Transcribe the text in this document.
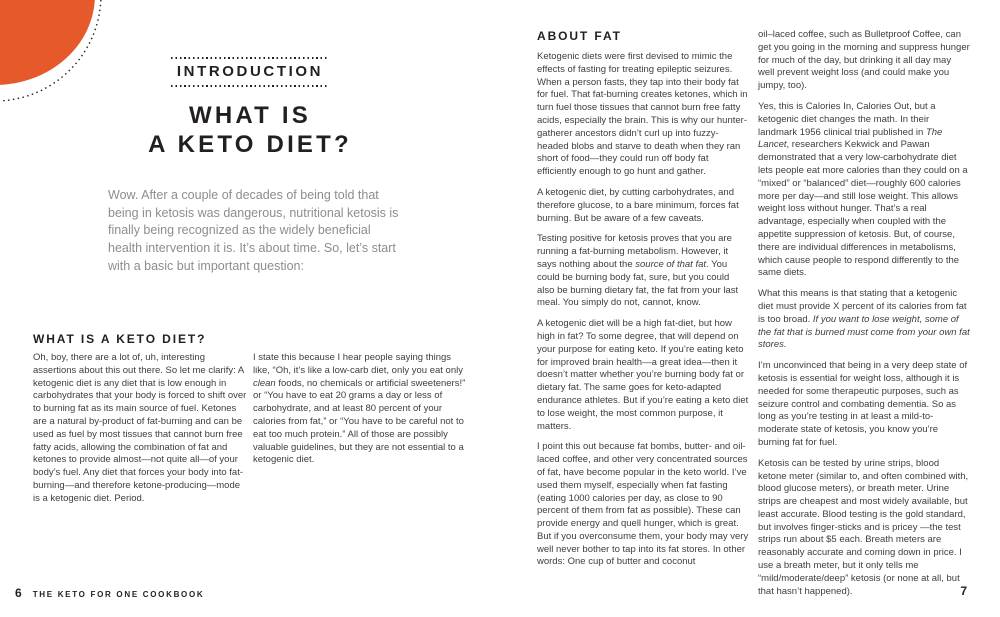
INTRODUCTION
WHAT IS
A KETO DIET?

Wow. After a couple of decades of being told that being in ketosis was dangerous, nutritional ketosis is finally being recognized as the widely beneficial health intervention it is. It’s about time. So, let’s start with a basic but important question:

WHAT IS A KETO DIET?

Oh, boy, there are a lot of, uh, interesting assertions about this out there. So let me clarify: A ketogenic diet is any diet that is low enough in carbohydrates that your body is forced to shift over to burning fat as its main source of fuel. Ketones are a natural by-product of fat-burning and can be used as fuel by most tissues that cannot burn free fatty acids, allowing the combination of fat and ketones to provide almost—not quite all—of your body’s fuel. Any diet that forces your body into fat-burning—and therefore ketone-producing—mode is a ketogenic diet. Period.

I state this because I hear people saying things like, “Oh, it’s like a low-carb diet, only you eat only clean foods, no chemicals or artificial sweeteners!” or “You have to eat 20 grams a day or less of carbohydrate, and at least 80 percent of your calories from fat,” or “You have to be careful not to eat too much protein.” All of those are possibly valuable guidelines, but they are not essential to a ketogenic diet.

6 THE KETO FOR ONE COOKBOOK
ABOUT FAT

Ketogenic diets were first devised to mimic the effects of fasting for treating epileptic seizures. When a person fasts, they tap into their body fat for fuel. That fat-burning creates ketones, which in turn fuel those tissues that cannot burn free fatty acids, especially the brain. This is why our hunter-gatherer ancestors didn’t curl up into fuzzy-headed blobs and starve to death when they ran short of food—they could run off body fat efficiently enough to go hunt and gather.

A ketogenic diet, by cutting carbohydrates, and therefore glucose, to a bare minimum, forces fat burning. But be aware of a few caveats.

Testing positive for ketosis proves that you are running a fat-burning metabolism. However, it says nothing about the source of that fat. You could be burning body fat, sure, but you could also be burning dietary fat, the fat from your last meal. You simply do not, cannot, know.

A ketogenic diet will be a high fat-diet, but how high in fat? To some degree, that will depend on your purpose for eating keto. If you’re eating keto for improved brain health—a great idea—then it doesn’t matter whether you’re burning body fat or dietary fat. The same goes for keto-adapted endurance athletes. But if you’re eating a keto diet to lose weight, the most common purpose, it matters.

I point this out because fat bombs, butter- and oil-laced coffee, and other very concentrated sources of fat, have become popular in the keto world. I’ve used them myself, especially when fat fasting (eating 1000 calories per day, as close to 90 percent of them from fat as possible). These can provide energy and quell hunger, which is great. But if you overconsume them, your body may very well never bother to tap into its fat stores. In other words: One cup of butter and coconut

oil–laced coffee, such as Bulletproof Coffee, can get you going in the morning and suppress hunger for much of the day, but drinking it all day may well prevent weight loss (and could make you jumpy, too).

Yes, this is Calories In, Calories Out, but a ketogenic diet changes the math. In their landmark 1956 clinical trial published in The Lancet, researchers Kekwick and Pawan demonstrated that a very low-carbohydrate diet lets people eat more calories than they could on a “mixed” or “balanced” diet—roughly 600 calories more per day—and still lose weight. This allows weight loss without hunger. That’s a real advantage, especially when coupled with the appetite suppression of ketosis. But, of course, there are individual differences in metabolisms, which cause people to respond differently to the same diets.

What this means is that stating that a ketogenic diet must provide X percent of its calories from fat is too broad. If you want to lose weight, some of the fat that is burned must come from your own fat stores.

I’m unconvinced that being in a very deep state of ketosis is essential for weight loss, although it is needed for some therapeutic purposes, such as seizure control and combating dementia. So as long as you’re testing in at least a mild-to-moderate state of ketosis, you know you’re burning fat for fuel.

Ketosis can be tested by urine strips, blood ketone meter (similar to, and often combined with, blood glucose meters), or breath meter. Urine strips are cheapest and most widely available, but least accurate. Blood testing is the gold standard, but involves finger-sticks and is pricey —the test strips run about $5 each. Breath meters are reasonably accurate and coming down in price. I use a breath meter, but it only tells me “mild/moderate/deep” ketosis (or none at all, but that hasn’t happened).	7
